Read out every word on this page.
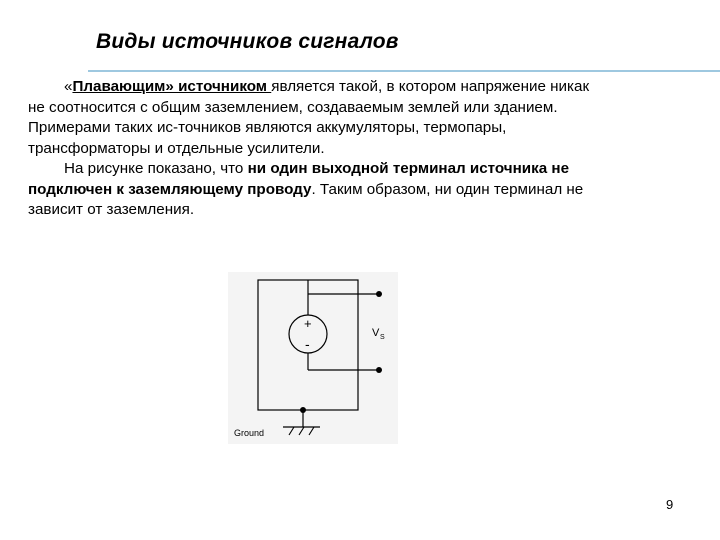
Виды источников сигналов

«Плавающим» источником является такой, в котором напряжение никак

не соотносится с общим заземлением, создаваемым землей или зданием.

Примерами таких ис-точников являются аккумуляторы, термопары,

трансформаторы и отдельные усилители.

На рисунке показано, что ни один выходной терминал источника не

подключен к заземляющему проводу. Таким образом, ни один терминал не

зависит от заземления.

+
-
V S
Ground
9
